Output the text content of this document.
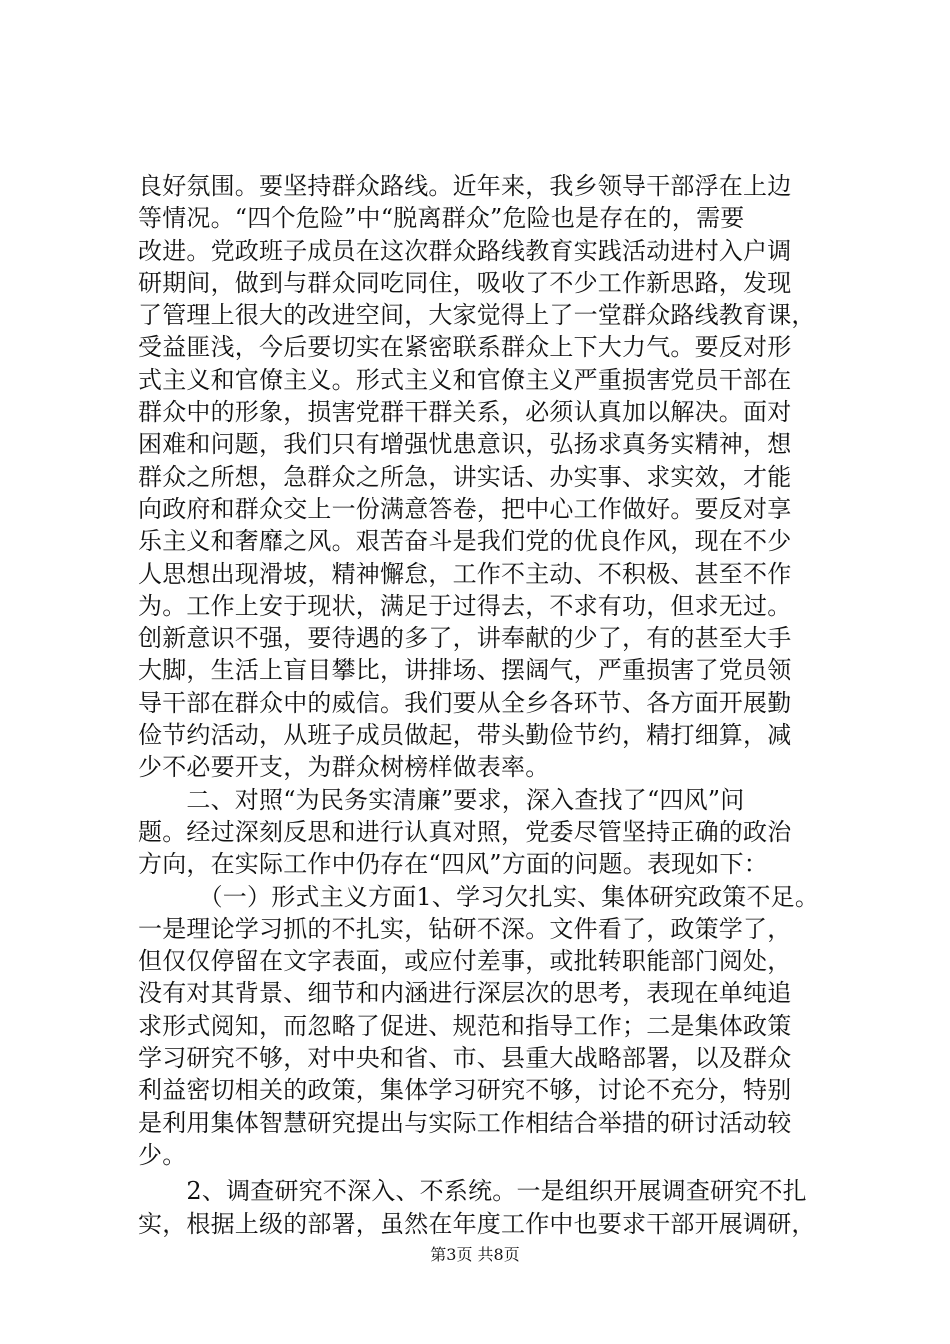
良好氛围。要坚持群众路线。近年来，我乡领导干部浮在上边
等情况。“四个危险”中“脱离群众”危险也是存在的，需要
改进。党政班子成员在这次群众路线教育实践活动进村入户调
研期间，做到与群众同吃同住，吸收了不少工作新思路，发现
了管理上很大的改进空间，大家觉得上了一堂群众路线教育课，
受益匪浅，今后要切实在紧密联系群众上下大力气。要反对形
式主义和官僚主义。形式主义和官僚主义严重损害党员干部在
群众中的形象，损害党群干群关系，必须认真加以解决。面对
困难和问题，我们只有增强忧患意识，弘扬求真务实精神，想
群众之所想，急群众之所急，讲实话、办实事、求实效，才能
向政府和群众交上一份满意答卷，把中心工作做好。要反对享
乐主义和奢靡之风。艰苦奋斗是我们党的优良作风，现在不少
人思想出现滑坡，精神懈怠，工作不主动、不积极、甚至不作
为。工作上安于现状，满足于过得去，不求有功，但求无过。
创新意识不强，要待遇的多了，讲奉献的少了，有的甚至大手
大脚，生活上盲目攀比，讲排场、摆阔气，严重损害了党员领
导干部在群众中的威信。我们要从全乡各环节、各方面开展勤
俭节约活动，从班子成员做起，带头勤俭节约，精打细算，减
少不必要开支，为群众树榜样做表率。
　　二、对照“为民务实清廉”要求，深入查找了“四风”问
题。经过深刻反思和进行认真对照，党委尽管坚持正确的政治
方向，在实际工作中仍存在“四风”方面的问题。表现如下：
　　　（一）形式主义方面1、学习欠扎实、集体研究政策不足。
一是理论学习抓的不扎实，钻研不深。文件看了，政策学了，
但仅仅停留在文字表面，或应付差事，或批转职能部门阅处，
没有对其背景、细节和内涵进行深层次的思考，表现在单纯追
求形式阅知，而忽略了促进、规范和指导工作；二是集体政策
学习研究不够，对中央和省、市、县重大战略部署，以及群众
利益密切相关的政策，集体学习研究不够，讨论不充分，特别
是利用集体智慧研究提出与实际工作相结合举措的研讨活动较
少。
　　2、调查研究不深入、不系统。一是组织开展调查研究不扎
实，根据上级的部署，虽然在年度工作中也要求干部开展调研，
第3页 共8页
